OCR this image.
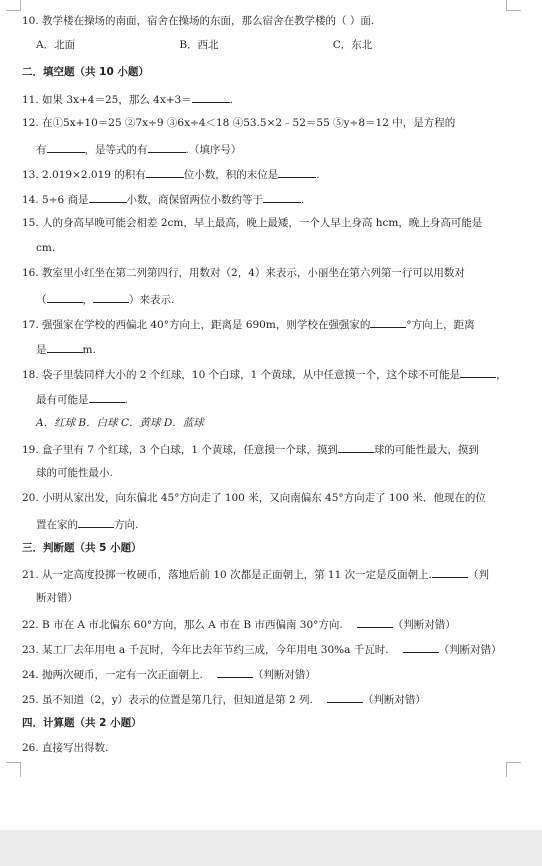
10. 教学楼在操场的南面，宿舍在操场的东面，那么宿舍在教学楼的（ ）面.
A．北面	B．西北	C．东北
二．填空题（共 10 小题）
11. 如果 3x+4＝25，那么 4x+3＝	.
12. 在①5x+10＝25 ②7x÷9 ③6x÷4＜18 ④53.5×2﹣52＝55 ⑤y÷8＝12 中，是方程的
有	，是等式的有	.（填序号）
13. 2.019×2.019 的积有	位小数，积的末位是	.
14. 5÷6 商是	小数，商保留两位小数约等于	.
15. 人的身高早晚可能会相差 2cm，早上最高，晚上最矮，一个人早上身高 hcm，晚上身高可能是
cm.
16. 教室里小红坐在第二列第四行，用数对（2，4）来表示，小丽坐在第六列第一行可以用数对
（	，	）来表示.
17. 强强家在学校的西偏北 40°方向上，距离是 690m，则学校在强强家的	°方向上，距离
是	m.
18. 袋子里装同样大小的 2 个红球，10 个白球，1 个黄球，从中任意摸一个，这个球不可能是	，
最有可能是	.
A．红球 B．白球 C．黄球 D．蓝球
19. 盒子里有 7 个红球，3 个白球，1 个黄球，任意摸一个球，摸到	球的可能性最大，摸到
球的可能性最小.
20. 小明从家出发，向东偏北 45°方向走了 100 米，又向南偏东 45°方向走了 100 米．他现在的位
置在家的	方向.
三．判断题（共 5 小题）
21. 从一定高度投掷一枚硬币，落地后前 10 次都是正面朝上，第 11 次一定是反面朝上.	（判
断对错）
22. B 市在 A 市北偏东 60°方向，那么 A 市在 B 市西偏南 30°方向.	（判断对错）
23. 某工厂去年用电 a 千瓦时，今年比去年节约三成，今年用电 30%a 千瓦时.	（判断对错）
24. 抛两次硬币，一定有一次正面朝上.	（判断对错）
25. 虽不知道（2，y）表示的位置是第几行，但知道是第 2 列.	（判断对错）
四．计算题（共 2 小题）
26. 直接写出得数.
